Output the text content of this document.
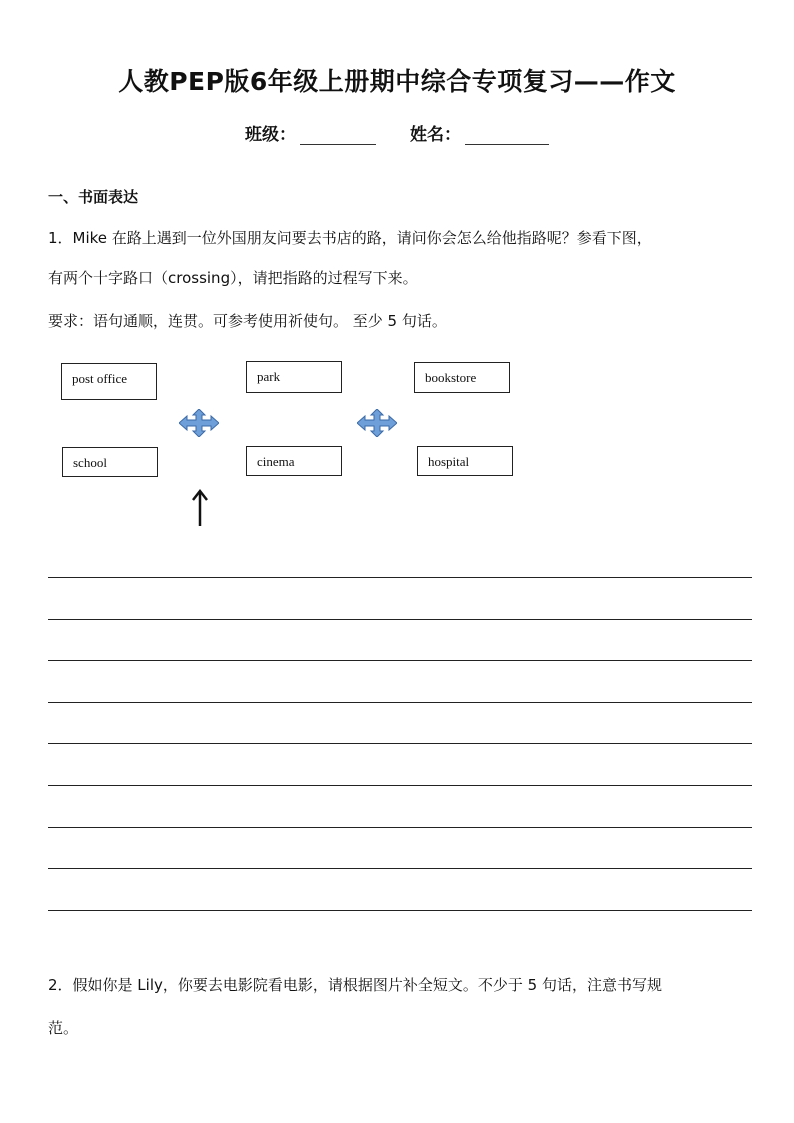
人教PEP版6年级上册期中综合专项复习——作文
班级：	姓名：
一、书面表达
1．Mike 在路上遇到一位外国朋友问要去书店的路，请问你会怎么给他指路呢？参看下图，
有两个十字路口（crossing），请把指路的过程写下来。
要求：语句通顺，连贯。可参考使用祈使句。 至少 5 句话。
post office	park	bookstore
school	cinema	hospital
2．假如你是 Lily，你要去电影院看电影，请根据图片补全短文。不少于 5 句话，注意书写规
范。
